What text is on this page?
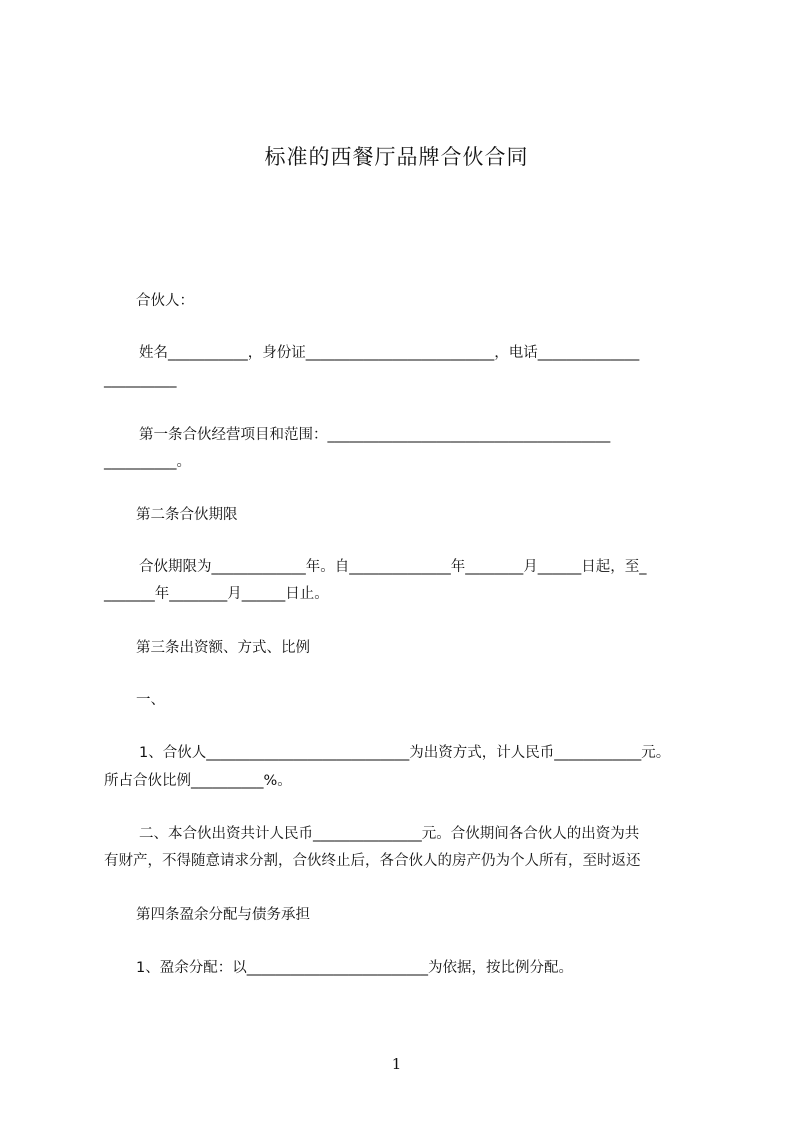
标准的西餐厅品牌合伙合同
合伙人：
姓名___________，身份证__________________________，电话______________
__________
第一条合伙经营项目和范围：_______________________________________
__________。
第二条合伙期限
合伙期限为_____________年。自______________年________月______日起，至_
_______年________月______日止。
第三条出资额、方式、比例
一、
1、合伙人____________________________为出资方式，计人民币____________元。
所占合伙比例__________%。
二、本合伙出资共计人民币_______________元。合伙期间各合伙人的出资为共
有财产，不得随意请求分割，合伙终止后，各合伙人的房产仍为个人所有，至时返还
第四条盈余分配与债务承担
1、盈余分配：以_________________________为依据，按比例分配。
1
